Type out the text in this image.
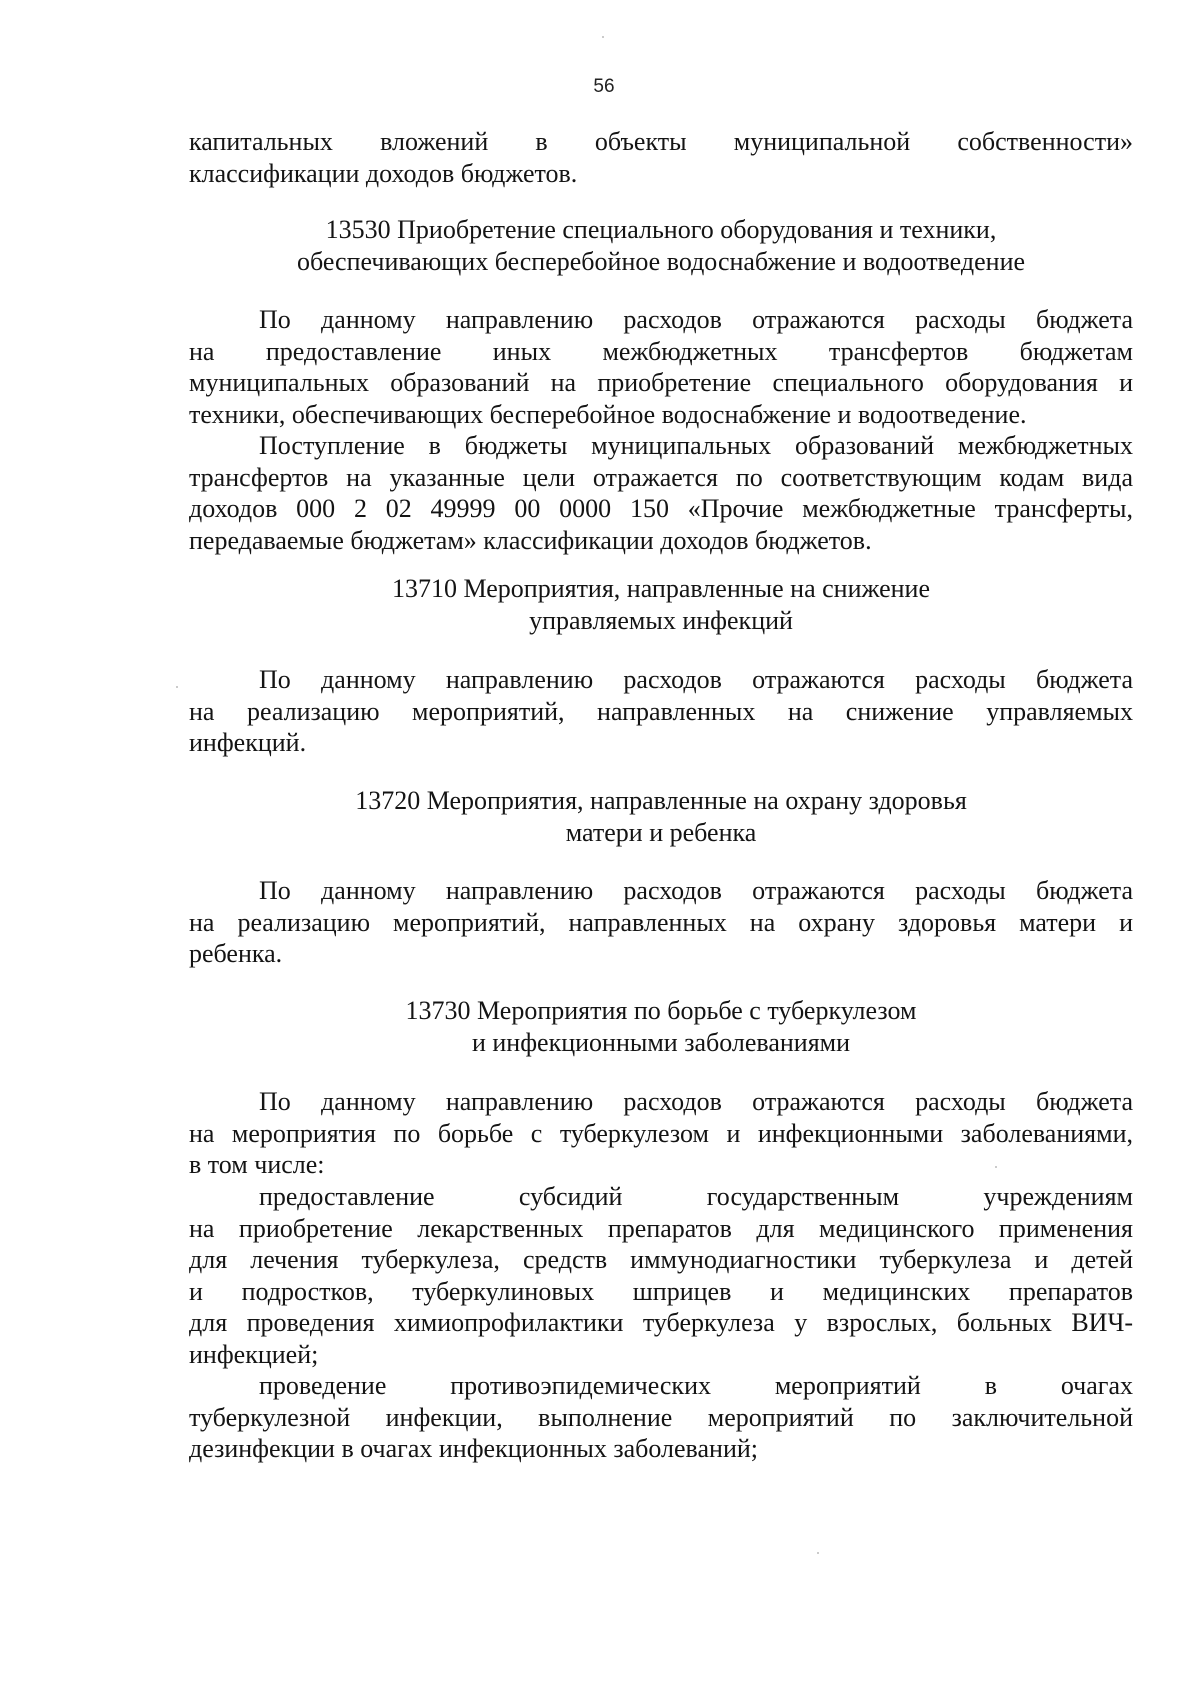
56
капитальных вложений в объекты муниципальной собственности»
классификации доходов бюджетов.
13530 Приобретение специального оборудования и техники,
обеспечивающих бесперебойное водоснабжение и водоотведение
По данному направлению расходов отражаются расходы бюджета
на предоставление иных межбюджетных трансфертов бюджетам
муниципальных образований на приобретение специального оборудования и
техники, обеспечивающих бесперебойное водоснабжение и водоотведение.
Поступление в бюджеты муниципальных образований межбюджетных
трансфертов на указанные цели отражается по соответствующим кодам вида
доходов 000 2 02 49999 00 0000 150 «Прочие межбюджетные трансферты,
передаваемые бюджетам» классификации доходов бюджетов.
13710 Мероприятия, направленные на снижение
управляемых инфекций
По данному направлению расходов отражаются расходы бюджета
на реализацию мероприятий, направленных на снижение управляемых
инфекций.
13720 Мероприятия, направленные на охрану здоровья
матери и ребенка
По данному направлению расходов отражаются расходы бюджета
на реализацию мероприятий, направленных на охрану здоровья матери и
ребенка.
13730 Мероприятия по борьбе с туберкулезом
и инфекционными заболеваниями
По данному направлению расходов отражаются расходы бюджета
на мероприятия по борьбе с туберкулезом и инфекционными заболеваниями,
в том числе:
предоставление субсидий государственным учреждениям
на приобретение лекарственных препаратов для медицинского применения
для лечения туберкулеза, средств иммунодиагностики туберкулеза и детей
и подростков, туберкулиновых шприцев и медицинских препаратов
для проведения химиопрофилактики туберкулеза у взрослых, больных ВИЧ-
инфекцией;
проведение противоэпидемических мероприятий в очагах
туберкулезной инфекции, выполнение мероприятий по заключительной
дезинфекции в очагах инфекционных заболеваний;
